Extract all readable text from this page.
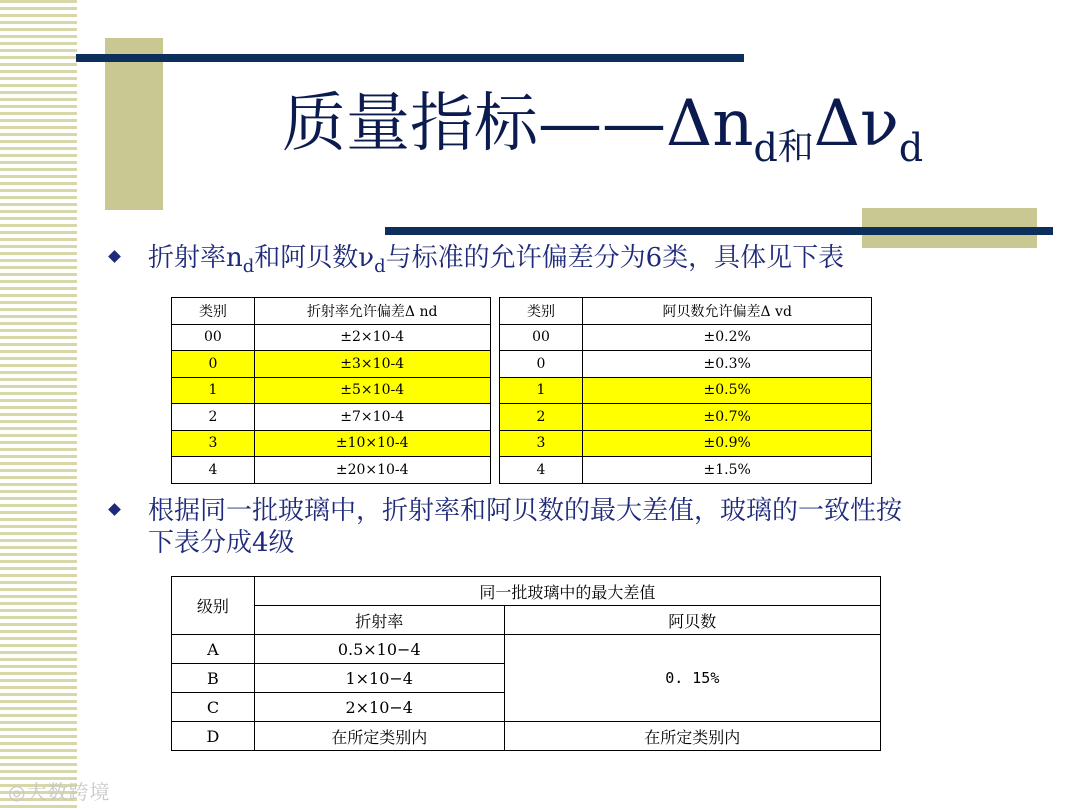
质量指标$——\Delta n_{d和}\Delta\nu_d$
折射率$n_d$和阿贝数$\nu_d$与标准的允许偏差分为6类，具体见下表
类别	折射率允许偏差Δ nd		类别	阿贝数允许偏差Δ vd
00	±2×10-4		00	±0.2%
0	±3×10-4		0	±0.3%
1	±5×10-4		1	±0.5%
2	±7×10-4		2	±0.7%
3	±10×10-4		3	±0.9%
4	±20×10-4		4	±1.5%
根据同一批玻璃中，折射率和阿贝数的最大差值，玻璃的一致性按
下表分成4级
级别	同一批玻璃中的最大差值	
	折射率	阿贝数
A	0.5×10−4	0. 15%
B	1×10−4	
C	2×10−4	
D	在所定类别内	在所定类别内
◎大数跨境
